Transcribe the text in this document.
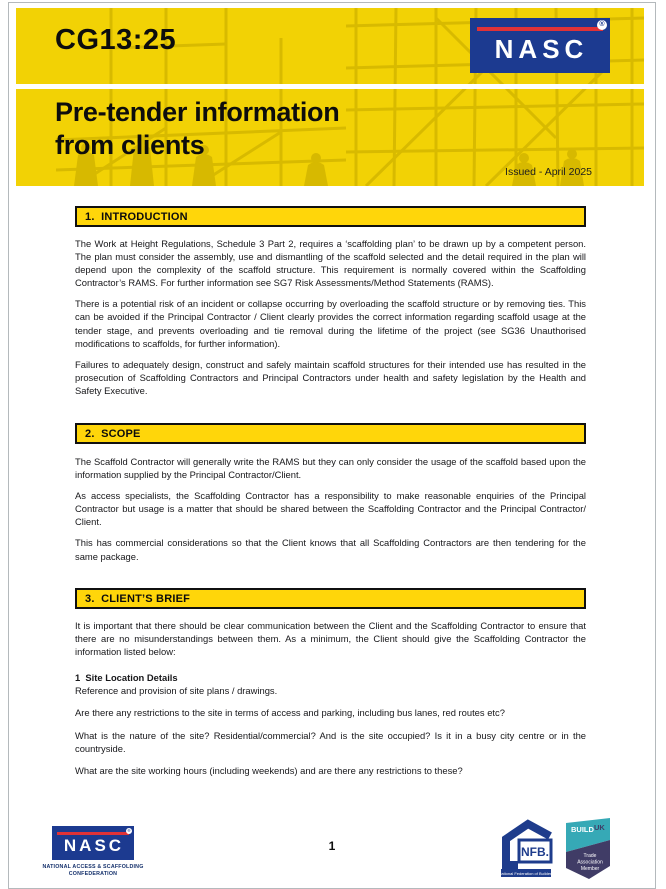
CG13:25	NASC
®
Pre-tender information
from clients
Issued - April 2025
1.  INTRODUCTION

The Work at Height Regulations, Schedule 3 Part 2, requires a ‘scaffolding plan’ to be drawn up by a competent person. The plan must consider the assembly, use and dismantling of the scaffold selected and the detail required in the plan will depend upon the complexity of the scaffold structure. This requirement is normally covered within the Scaffolding Contractor’s RAMS. For further information see SG7 Risk Assessments/Method Statements (RAMS).

There is a potential risk of an incident or collapse occurring by overloading the scaffold structure or by removing ties. This can be avoided if the Principal Contractor / Client clearly provides the correct information regarding scaffold usage at the tender stage, and prevents overloading and tie removal during the lifetime of the project (see SG36 Unauthorised modifications to scaffolds, for further information).

Failures to adequately design, construct and safely maintain scaffold structures for their intended use has resulted in the prosecution of Scaffolding Contractors and Principal Contractors under health and safety legislation by the Health and Safety Executive.

2.  SCOPE

The Scaffold Contractor will generally write the RAMS but they can only consider the usage of the scaffold based upon the information supplied by the Principal Contractor/Client.

As access specialists, the Scaffolding Contractor has a responsibility to make reasonable enquiries of the Principal Contractor but usage is a matter that should be shared between the Scaffolding Contractor and the Principal Contractor/ Client.

This has commercial considerations so that the Client knows that all Scaffolding Contractors are then tendering for the same package.

3.  CLIENT’S BRIEF

It is important that there should be clear communication between the Client and the Scaffolding Contractor to ensure that there are no misunderstandings between them. As a minimum, the Client should give the Scaffolding Contractor the information listed below:

1  Site Location Details

Reference and provision of site plans / drawings.

Are there any restrictions to the site in terms of access and parking, including bus lanes, red routes etc?

What is the nature of the site? Residential/commercial? And is the site occupied? Is it in a busy city centre or in the countryside.

What are the site working hours (including weekends) and are there any restrictions to these?

NASC
®
NATIONAL ACCESS & SCAFFOLDING
CONFEDERATION
1	NFB.
National Federation of Builders
BUILD UK
Trade
Association
Member
